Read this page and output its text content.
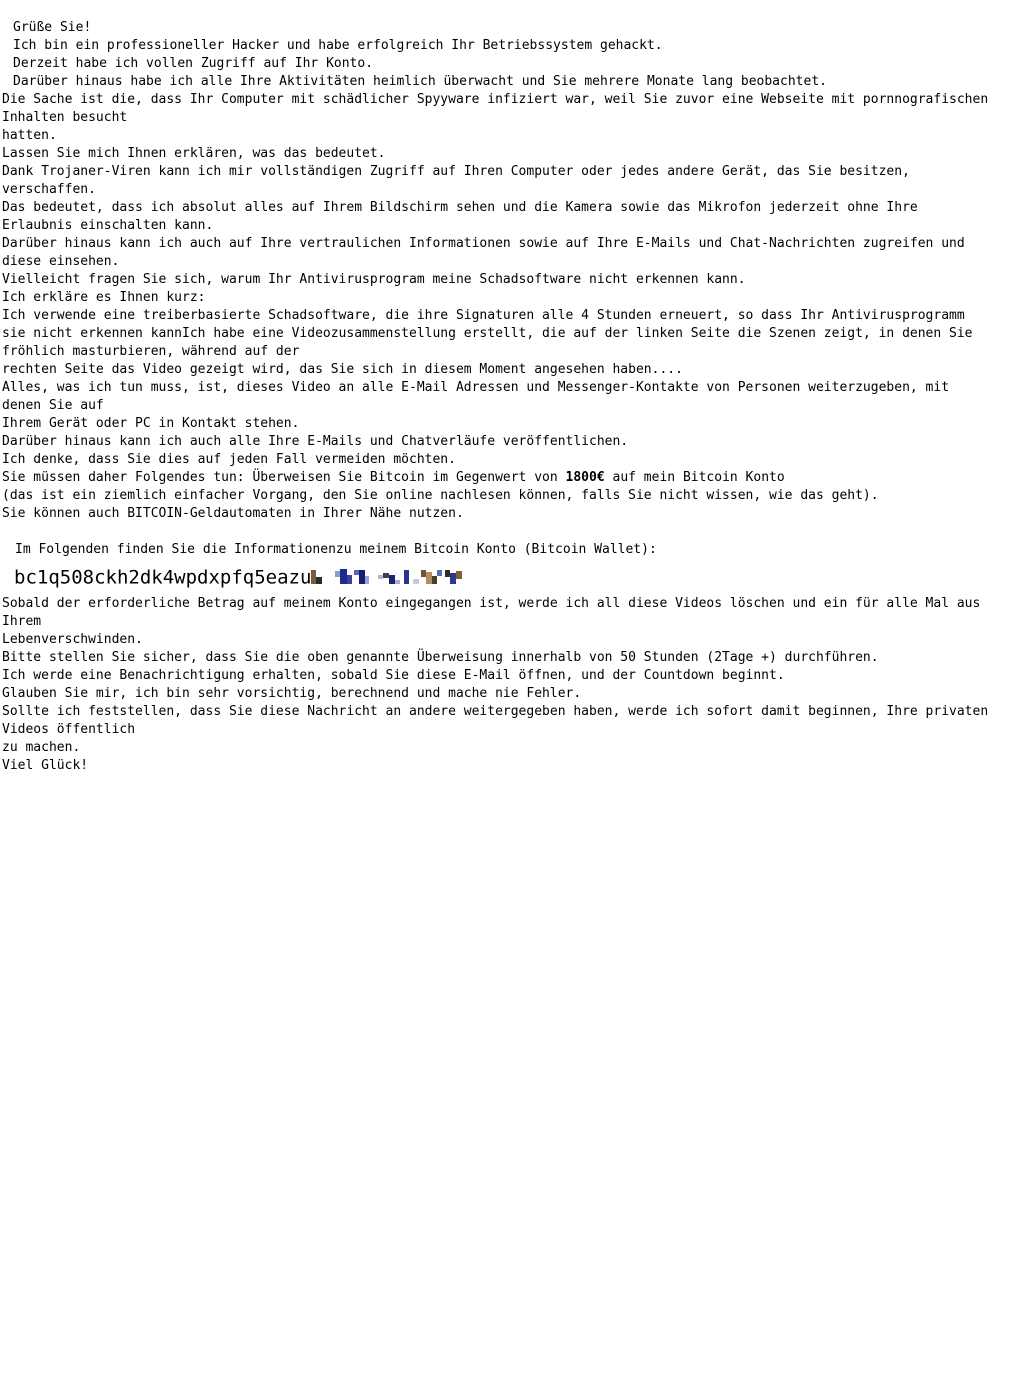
Grüße Sie!
Ich bin ein professioneller Hacker und habe erfolgreich Ihr Betriebssystem gehackt.
Derzeit habe ich vollen Zugriff auf Ihr Konto.
Darüber hinaus habe ich alle Ihre Aktivitäten heimlich überwacht und Sie mehrere Monate lang beobachtet.
Die Sache ist die, dass Ihr Computer mit schädlicher Spyyware infiziert war, weil Sie zuvor eine Webseite mit pornnografischen
Inhalten besucht
hatten.
Lassen Sie mich Ihnen erklären, was das bedeutet.
Dank Trojaner-Viren kann ich mir vollständigen Zugriff auf Ihren Computer oder jedes andere Gerät, das Sie besitzen,
verschaffen.
Das bedeutet, dass ich absolut alles auf Ihrem Bildschirm sehen und die Kamera sowie das Mikrofon jederzeit ohne Ihre
Erlaubnis einschalten kann.
Darüber hinaus kann ich auch auf Ihre vertraulichen Informationen sowie auf Ihre E-Mails und Chat-Nachrichten zugreifen und
diese einsehen.
Vielleicht fragen Sie sich, warum Ihr Antivirusprogram meine Schadsoftware nicht erkennen kann.
Ich erkläre es Ihnen kurz:
Ich verwende eine treiberbasierte Schadsoftware, die ihre Signaturen alle 4 Stunden erneuert, so dass Ihr Antivirusprogramm
sie nicht erkennen kannIch habe eine Videozusammenstellung erstellt, die auf der linken Seite die Szenen zeigt, in denen Sie
fröhlich masturbieren, während auf der
rechten Seite das Video gezeigt wird, das Sie sich in diesem Moment angesehen haben....
Alles, was ich tun muss, ist, dieses Video an alle E-Mail Adressen und Messenger-Kontakte von Personen weiterzugeben, mit
denen Sie auf
Ihrem Gerät oder PC in Kontakt stehen.
Darüber hinaus kann ich auch alle Ihre E-Mails und Chatverläufe veröffentlichen.
Ich denke, dass Sie dies auf jeden Fall vermeiden möchten.
Sie müssen daher Folgendes tun: Überweisen Sie Bitcoin im Gegenwert von 1800€ auf mein Bitcoin Konto
(das ist ein ziemlich einfacher Vorgang, den Sie online nachlesen können, falls Sie nicht wissen, wie das geht).
Sie können auch BITCOIN-Geldautomaten in Ihrer Nähe nutzen.
Im Folgenden finden Sie die Informationenzu meinem Bitcoin Konto (Bitcoin Wallet):
bc1q508ckh2dk4wpdxpfq5eazu

Sobald der erforderliche Betrag auf meinem Konto eingegangen ist, werde ich all diese Videos löschen und ein für alle Mal aus
Ihrem
Lebenverschwinden.
Bitte stellen Sie sicher, dass Sie die oben genannte Überweisung innerhalb von 50 Stunden (2Tage +) durchführen.
Ich werde eine Benachrichtigung erhalten, sobald Sie diese E-Mail öffnen, und der Countdown beginnt.
Glauben Sie mir, ich bin sehr vorsichtig, berechnend und mache nie Fehler.
Sollte ich feststellen, dass Sie diese Nachricht an andere weitergegeben haben, werde ich sofort damit beginnen, Ihre privaten
Videos öffentlich
zu machen.
Viel Glück!
